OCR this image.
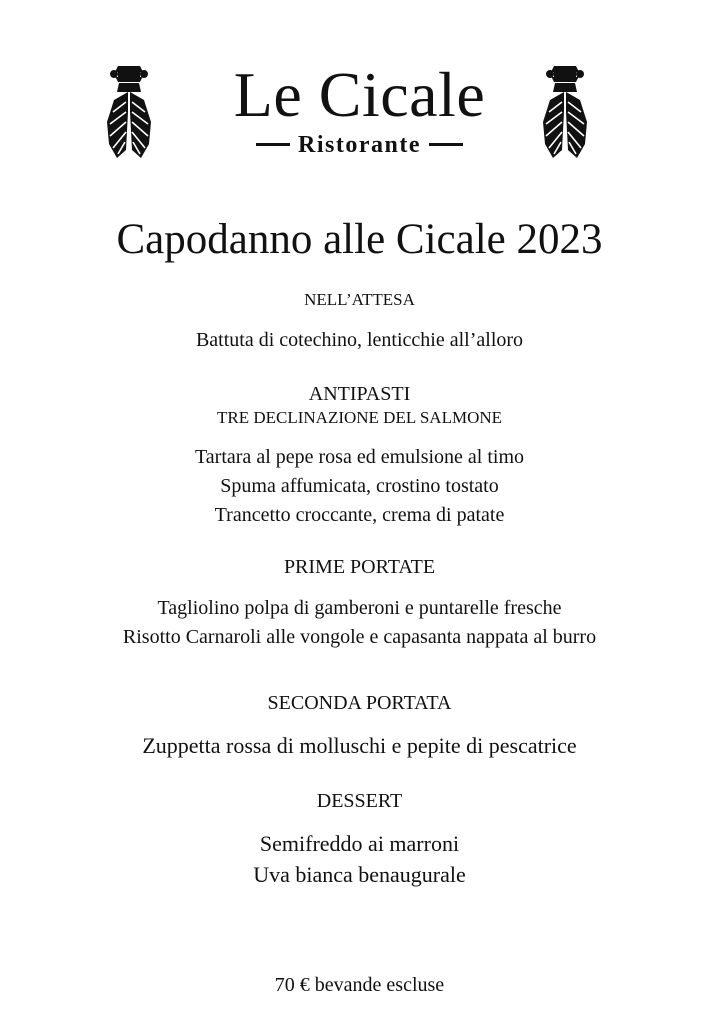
Le Cicale
Ristorante
Capodanno alle Cicale 2023
NELL’ATTESA
Battuta di cotechino, lenticchie all’alloro
ANTIPASTI
TRE DECLINAZIONE DEL SALMONE
Tartara al pepe rosa ed emulsione al timo
Spuma affumicata, crostino tostato
Trancetto croccante, crema di patate
PRIME PORTATE
Tagliolino polpa di gamberoni e puntarelle fresche
Risotto Carnaroli alle vongole e capasanta nappata al burro
SECONDA PORTATA
Zuppetta rossa di molluschi e pepite di pescatrice
DESSERT
Semifreddo ai marroni
Uva bianca benaugurale
70 € bevande escluse
